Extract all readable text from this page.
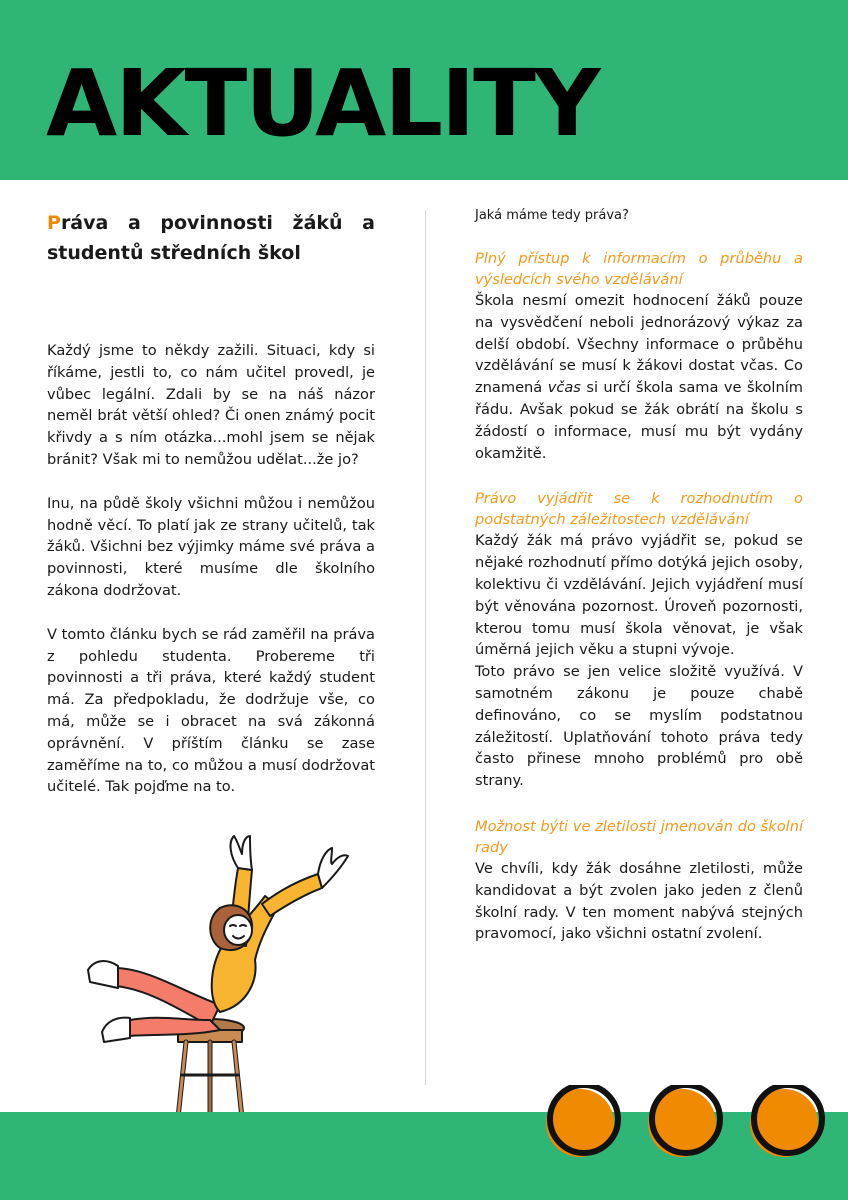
AKTUALITY
Práva a povinnosti žáků a studentů středních škol

Každý jsme to někdy zažili. Situaci, kdy si říkáme, jestli to, co nám učitel provedl, je vůbec legální. Zdali by se na náš názor neměl brát větší ohled? Či onen známý pocit křivdy a s ním otázka...mohl jsem se nějak bránit? Však mi to nemůžou udělat...že jo?

Inu, na půdě školy všichni můžou i nemůžou hodně věcí. To platí jak ze strany učitelů, tak žáků. Všichni bez výjimky máme své práva a povinnosti, které musíme dle školního zákona dodržovat.

V tomto článku bych se rád zaměřil na práva z pohledu studenta. Probereme tři povinnosti a tři práva, které každý student má. Za předpokladu, že dodržuje vše, co má, může se i obracet na svá zákonná oprávnění. V příštím článku se zase zaměříme na to, co můžou a musí dodržovat učitelé. Tak pojďme na to.

Jaká máme tedy práva?

Plný přístup k informacím o průběhu a výsledcích svého vzdělávání

Škola nesmí omezit hodnocení žáků pouze na vysvědčení neboli jednorázový výkaz za delší období. Všechny informace o průběhu vzdělávání se musí k žákovi dostat včas. Co znamená včas si určí škola sama ve školním řádu. Avšak pokud se žák obrátí na školu s žádostí o informace, musí mu být vydány okamžitě.

Právo vyjádřit se k rozhodnutím o podstatných záležitostech vzdělávání

Každý žák má právo vyjádřit se, pokud se nějaké rozhodnutí přímo dotýká jejich osoby, kolektivu či vzdělávání. Jejich vyjádření musí být věnována pozornost. Úroveň pozornosti, kterou tomu musí škola věnovat, je však úměrná jejich věku a stupni vývoje.

Toto právo se jen velice složitě využívá. V samotném zákonu je pouze chabě definováno, co se myslím podstatnou záležitostí. Uplatňování tohoto práva tedy často přinese mnoho problémů pro obě strany.

Možnost býti ve zletilosti jmenován do školní rady

Ve chvíli, kdy žák dosáhne zletilosti, může kandidovat a být zvolen jako jeden z členů školní rady. V ten moment nabývá stejných pravomocí, jako všichni ostatní zvolení.
